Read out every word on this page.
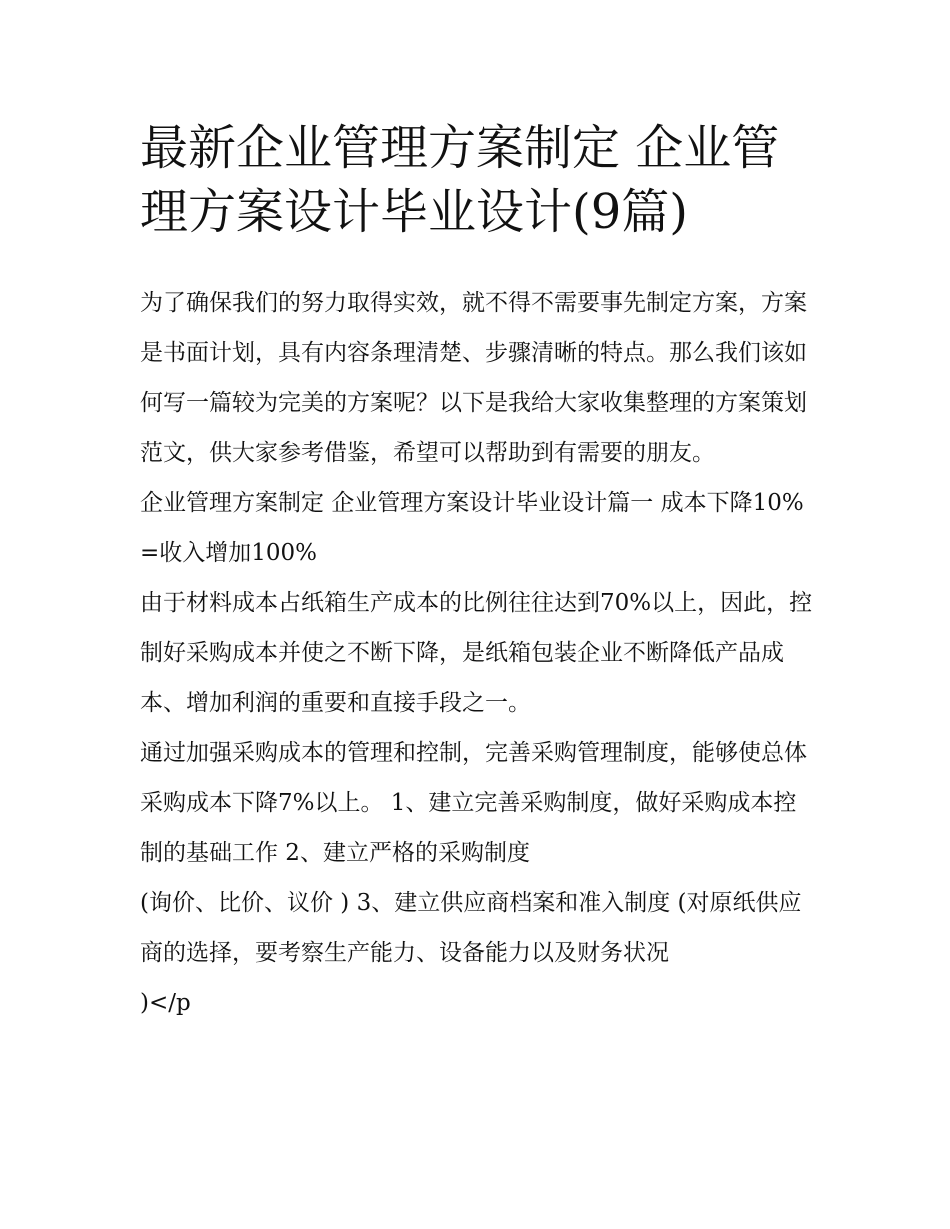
最新企业管理方案制定 企业管理方案设计毕业设计(9篇)

为了确保我们的努力取得实效，就不得不需要事先制定方案，方案是书面计划，具有内容条理清楚、步骤清晰的特点。那么我们该如何写一篇较为完美的方案呢？以下是我给大家收集整理的方案策划范文，供大家参考借鉴，希望可以帮助到有需要的朋友。

企业管理方案制定 企业管理方案设计毕业设计篇一 成本下降10%=收入增加100%

由于材料成本占纸箱生产成本的比例往往达到70%以上，因此，控制好采购成本并使之不断下降，是纸箱包装企业不断降低产品成本、增加利润的重要和直接手段之一。

通过加强采购成本的管理和控制，完善采购管理制度，能够使总体采购成本下降7%以上。 1、建立完善采购制度，做好采购成本控制的基础工作 2、建立严格的采购制度

(询价、比价、议价 ) 3、建立供应商档案和准入制度 (对原纸供应商的选择，要考察生产能力、设备能力以及财务状况

)</p
